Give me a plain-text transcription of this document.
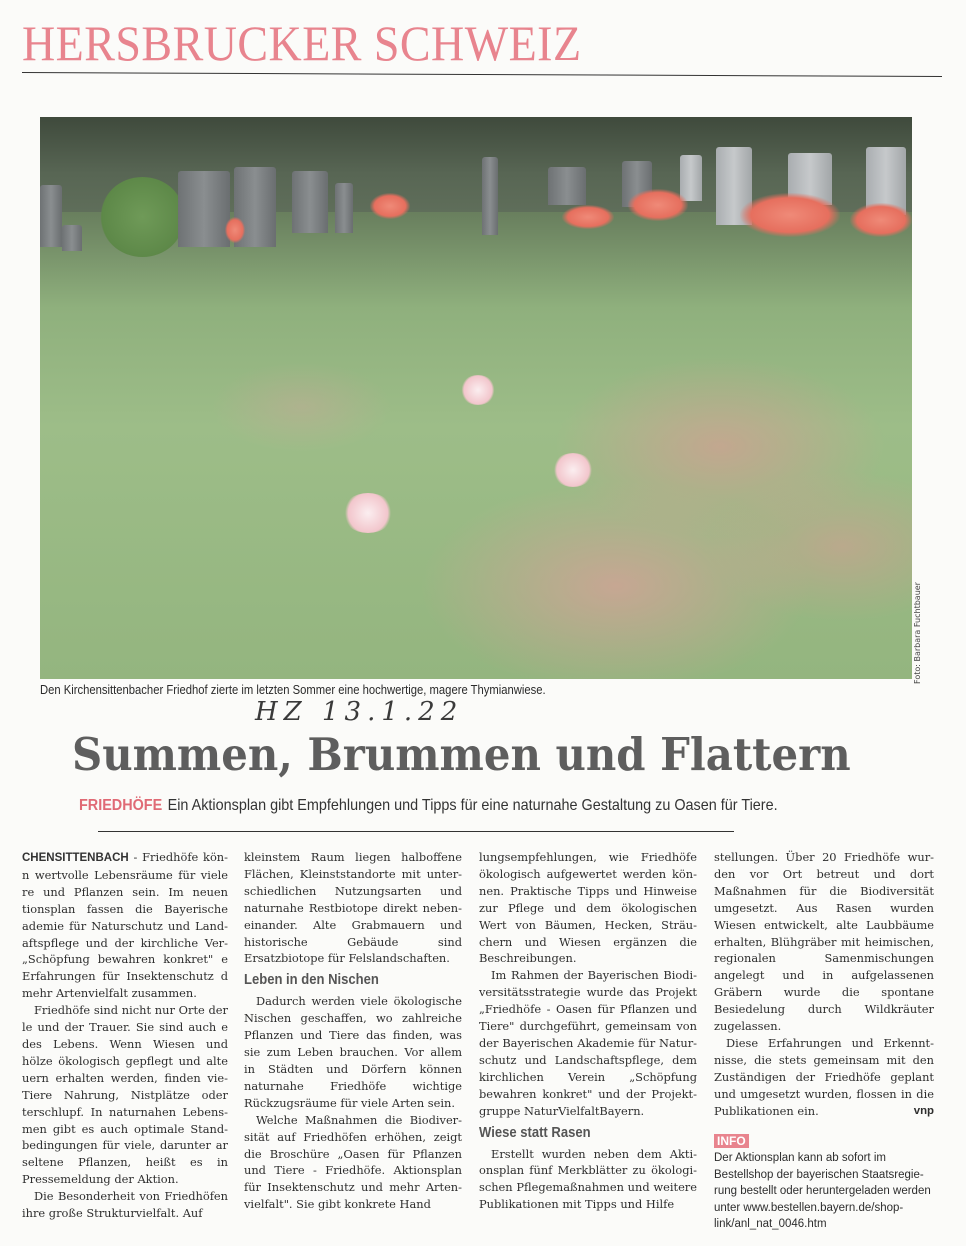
HERSBRUCKER SCHWEIZ
Foto: Barbara Fuchtbauer
Den Kirchensittenbacher Friedhof zierte im letzten Sommer eine hochwertige, magere Thymianwiese.
HZ 13.1.22
Summen, Brummen und Flattern
FRIEDHÖFE Ein Aktionsplan gibt Empfehlungen und Tipps für eine naturnahe Gestaltung zu Oasen für Tiere.

CHENSITTENBACH - Friedhöfe könn wertvolle Lebensräume für viele re und Pflanzen sein. Im neuen tionsplan fassen die Bayerische ademie für Naturschutz und Landaftspflege und der kirchliche Ver „Schöpfung bewahren konkret" e Erfahrungen für Insektenschutz d mehr Artenvielfalt zusammen.

Friedhöfe sind nicht nur Orte der le und der Trauer. Sie sind auch e des Lebens. Wenn Wiesen und hölze ökologisch gepflegt und alte uern erhalten werden, finden vie Tiere Nahrung, Nistplätze oder terschlupf. In naturnahen Lebensmen gibt es auch optimale Standbedingungen für viele, darunter ar seltene Pflanzen, heißt es in Pressemeldung der Aktion.

Die Besonderheit von Friedhöfen ihre große Strukturvielfalt. Auf

kleinstem Raum liegen halboffene Flächen, Kleinststandorte mit unterschiedlichen Nutzungsarten und naturnahe Restbiotope direkt nebeneinander. Alte Grabmauern und historische Gebäude sind Ersatzbiotope für Felslandschaften.

Leben in den Nischen

Dadurch werden viele ökologische Nischen geschaffen, wo zahlreiche Pflanzen und Tiere das finden, was sie zum Leben brauchen. Vor allem in Städten und Dörfern können naturnahe Friedhöfe wichtige Rückzugsräume für viele Arten sein.

Welche Maßnahmen die Biodiversität auf Friedhöfen erhöhen, zeigt die Broschüre „Oasen für Pflanzen und Tiere - Friedhöfe. Aktionsplan für Insektenschutz und mehr Artenvielfalt". Sie gibt konkrete Hand

lungsempfehlungen, wie Friedhöfe ökologisch aufgewertet werden können. Praktische Tipps und Hinweise zur Pflege und dem ökologischen Wert von Bäumen, Hecken, Sträuchern und Wiesen ergänzen die Beschreibungen.

Im Rahmen der Bayerischen Biodiversitätsstrategie wurde das Projekt „Friedhöfe - Oasen für Pflanzen und Tiere" durchgeführt, gemeinsam von der Bayerischen Akademie für Naturschutz und Landschaftspflege, dem kirchlichen Verein „Schöpfung bewahren konkret" und der Projektgruppe NaturVielfaltBayern.

Wiese statt Rasen

Erstellt wurden neben dem Aktionsplan fünf Merkblätter zu ökologischen Pflegemaßnahmen und weitere Publikationen mit Tipps und Hilfe

stellungen. Über 20 Friedhöfe wurden vor Ort betreut und dort Maßnahmen für die Biodiversität umgesetzt. Aus Rasen wurden Wiesen entwickelt, alte Laubbäume erhalten, Blühgräber mit heimischen, regionalen Samenmischungen angelegt und in aufgelassenen Gräbern wurde die spontane Besiedelung durch Wildkräuter zugelassen.

Diese Erfahrungen und Erkenntnisse, die stets gemeinsam mit den Zuständigen der Friedhöfe geplant und umgesetzt wurden, flossen in die Publikationen ein.	vnp

INFO
Der Aktionsplan kann ab sofort im Bestellshop der bayerischen Staatsregierung bestellt oder heruntergeladen werden unter www.bestellen.bayern.de/shoplink/anl_nat_0046.htm
